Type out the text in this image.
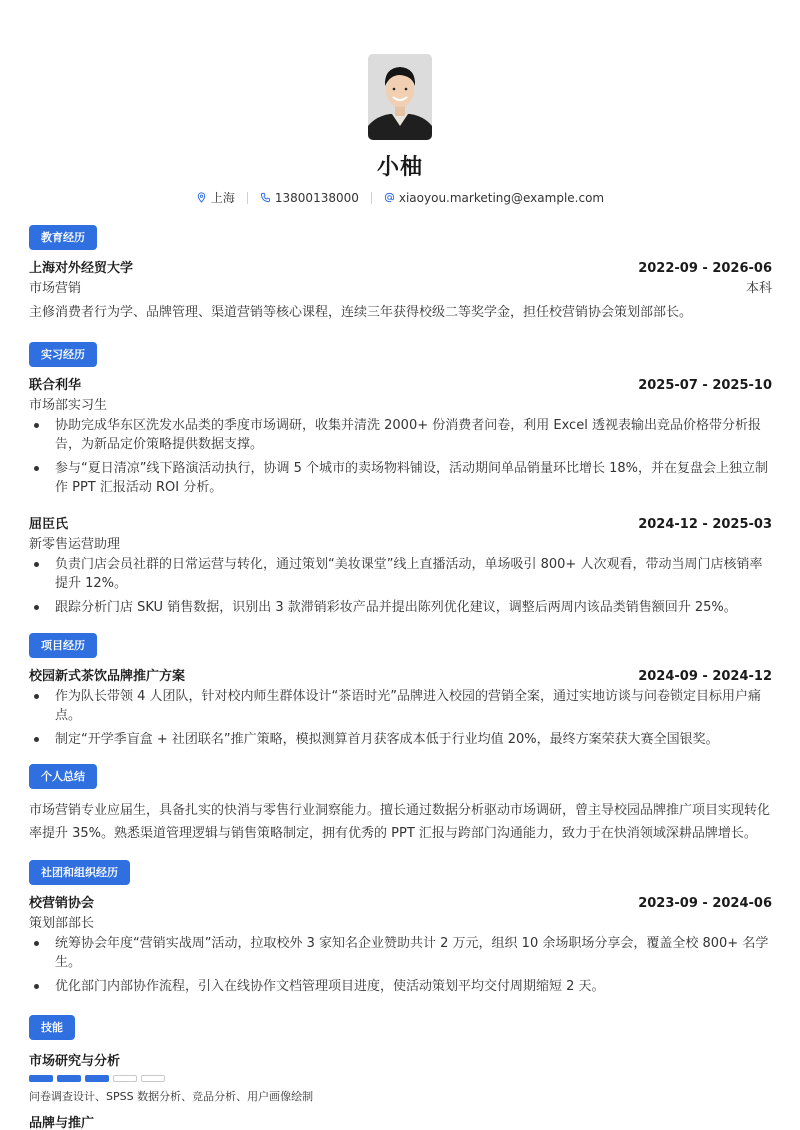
小柚
上海	13800138000	xiaoyou.marketing@example.com
教育经历
上海对外经贸大学	2022-09 - 2026-06
市场营销	本科
主修消费者行为学、品牌管理、渠道营销等核心课程，连续三年获得校级二等奖学金，担任校营销协会策划部部长。
实习经历
联合利华	2025-07 - 2025-10
市场部实习生
协助完成华东区洗发水品类的季度市场调研，收集并清洗 2000+ 份消费者问卷，利用 Excel 透视表输出竞品价格带分析报告，为新品定价策略提供数据支撑。
参与“夏日清凉”线下路演活动执行，协调 5 个城市的卖场物料铺设，活动期间单品销量环比增长 18%，并在复盘会上独立制作 PPT 汇报活动 ROI 分析。
屈臣氏	2024-12 - 2025-03
新零售运营助理
负责门店会员社群的日常运营与转化，通过策划“美妆课堂”线上直播活动，单场吸引 800+ 人次观看，带动当周门店核销率提升 12%。
跟踪分析门店 SKU 销售数据，识别出 3 款滞销彩妆产品并提出陈列优化建议，调整后两周内该品类销售额回升 25%。
项目经历
校园新式茶饮品牌推广方案	2024-09 - 2024-12
作为队长带领 4 人团队，针对校内师生群体设计“茶语时光”品牌进入校园的营销全案，通过实地访谈与问卷锁定目标用户痛点。
制定“开学季盲盒 + 社团联名”推广策略，模拟测算首月获客成本低于行业均值 20%，最终方案荣获大赛全国银奖。
个人总结
市场营销专业应届生，具备扎实的快消与零售行业洞察能力。擅长通过数据分析驱动市场调研，曾主导校园品牌推广项目实现转化率提升 35%。熟悉渠道管理逻辑与销售策略制定，拥有优秀的 PPT 汇报与跨部门沟通能力，致力于在快消领域深耕品牌增长。
社团和组织经历
校营销协会	2023-09 - 2024-06
策划部部长
统筹协会年度“营销实战周”活动，拉取校外 3 家知名企业赞助共计 2 万元，组织 10 余场职场分享会，覆盖全校 800+ 名学生。
优化部门内部协作流程，引入在线协作文档管理项目进度，使活动策划平均交付周期缩短 2 天。
技能
市场研究与分析
问卷调查设计、SPSS 数据分析、竞品分析、用户画像绘制
品牌与推广
